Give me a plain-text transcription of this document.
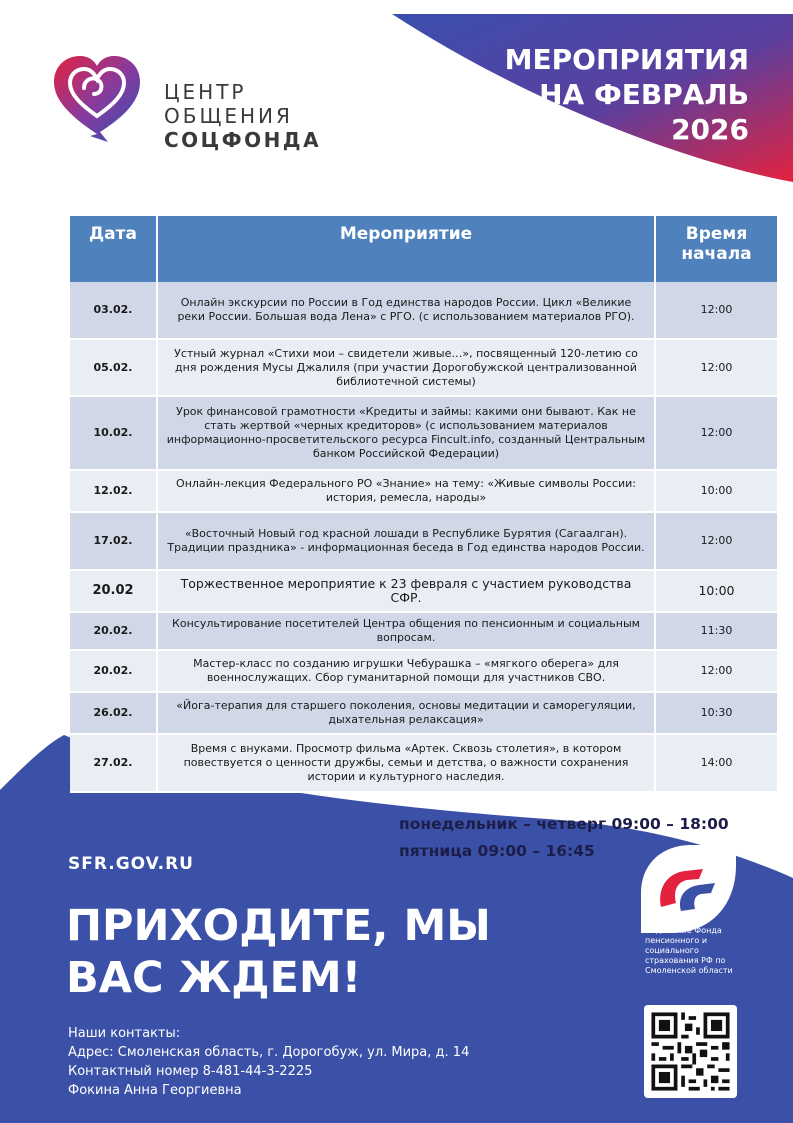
ЦЕНТР
ОБЩЕНИЯ
СОЦФОНДА
МЕРОПРИЯТИЯ
НА ФЕВРАЛЬ
2026
Дата	Мероприятие	Время
начала

03.02.	Онлайн экскурсии по России в Год единства народов России. Цикл «Великие реки России. Большая вода Лена» с РГО. (с использованием материалов РГО).	12:00
05.02.	Устный журнал «Стихи мои – свидетели живые…», посвященный 120-летию со дня рождения Мусы Джалиля (при участии Дорогобужской централизованной библиотечной системы)	12:00
10.02.	Урок финансовой грамотности «Кредиты и займы: какими они бывают. Как не стать жертвой «черных кредиторов» (с использованием материалов информационно-просветительского ресурса Fincult.info, созданный Центральным банком Российской Федерации)	12:00
12.02.	Онлайн-лекция Федерального РО «Знание» на тему: «Живые символы России: история, ремесла, народы»	10:00
17.02.	«Восточный Новый год красной лошади в Республике Бурятия (Сагаалган). Традиции праздника» - информационная беседа в Год единства народов России.	12:00
20.02	Торжественное мероприятие к 23 февраля с участием руководства СФР.	10:00
20.02.	Консультирование посетителей Центра общения по пенсионным и социальным вопросам.	11:30
20.02.	Мастер-класс по созданию игрушки Чебурашка – «мягкого оберега» для военнослужащих. Сбор гуманитарной помощи для участников СВО.	12:00
26.02.	«Йога-терапия для старшего поколения, основы медитации и саморегуляции, дыхательная релаксация»	10:30
27.02.	Время с внуками. Просмотр фильма «Артек. Сквозь столетия», в котором повествуется о ценности дружбы, семьи и детства, о важности сохранения истории и культурного наследия.	14:00
понедельник – четверг 09:00 – 18:00
пятница 09:00 – 16:45
SFR.GOV.RU
ПРИХОДИТЕ, МЫ
ВАС ЖДЕМ!
Наши контакты:
Адрес: Смоленская область, г. Дорогобуж, ул. Мира, д. 14
Контактный номер 8-481-44-3-2225
Фокина Анна Георгиевна
Отделение Фонда пенсионного и социального страхования РФ по Смоленской области
